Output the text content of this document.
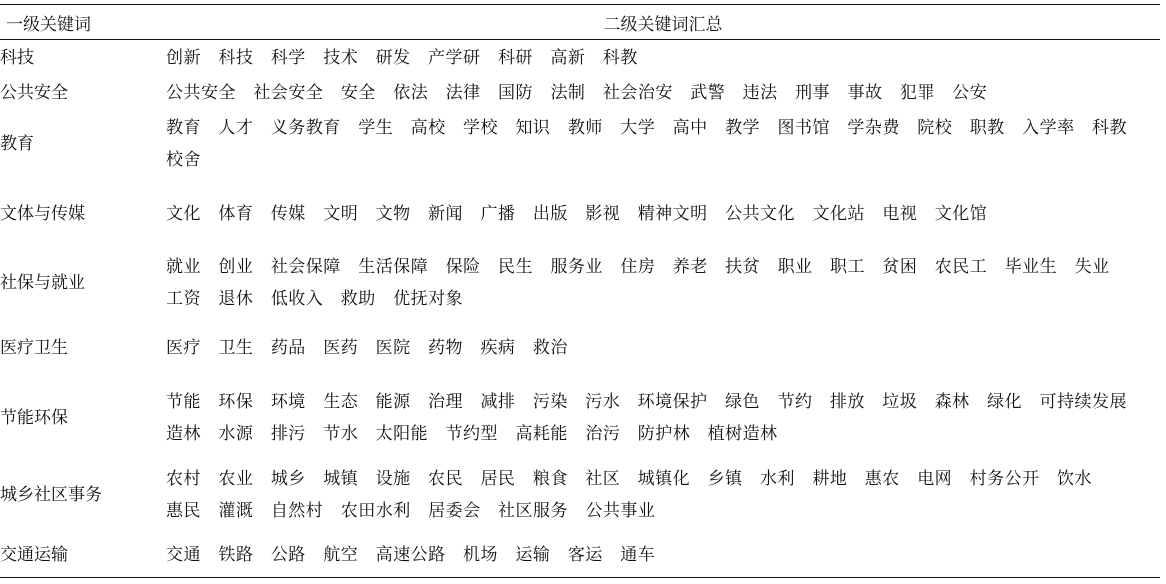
一级关键词	二级关键词汇总
科技	创新 科技 科学 技术 研发 产学研 科研 高新 科教

公共安全	公共安全 社会安全 安全 依法 法律 国防 法制 社会治安 武警 违法 刑事 事故 犯罪 公安

教育	教育 人才 义务教育 学生 高校 学校 知识 教师 大学 高中 教学 图书馆 学杂费 院校 职教 入学率 科教 校舍

文体与传媒	文化 体育 传媒 文明 文物 新闻 广播 出版 影视 精神文明 公共文化 文化站 电视 文化馆

社保与就业	就业 创业 社会保障 生活保障 保险 民生 服务业 住房 养老 扶贫 职业 职工 贫困 农民工 毕业生 失业 工资 退休 低收入 救助 优抚对象

医疗卫生	医疗 卫生 药品 医药 医院 药物 疾病 救治

节能环保	节能 环保 环境 生态 能源 治理 减排 污染 污水 环境保护 绿色 节约 排放 垃圾 森林 绿化 可持续发展 造林 水源 排污 节水 太阳能 节约型 高耗能 治污 防护林 植树造林

城乡社区事务	农村 农业 城乡 城镇 设施 农民 居民 粮食 社区 城镇化 乡镇 水利 耕地 惠农 电网 村务公开 饮水 惠民 灌溉 自然村 农田水利 居委会 社区服务 公共事业

交通运输	交通 铁路 公路 航空 高速公路 机场 运输 客运 通车
